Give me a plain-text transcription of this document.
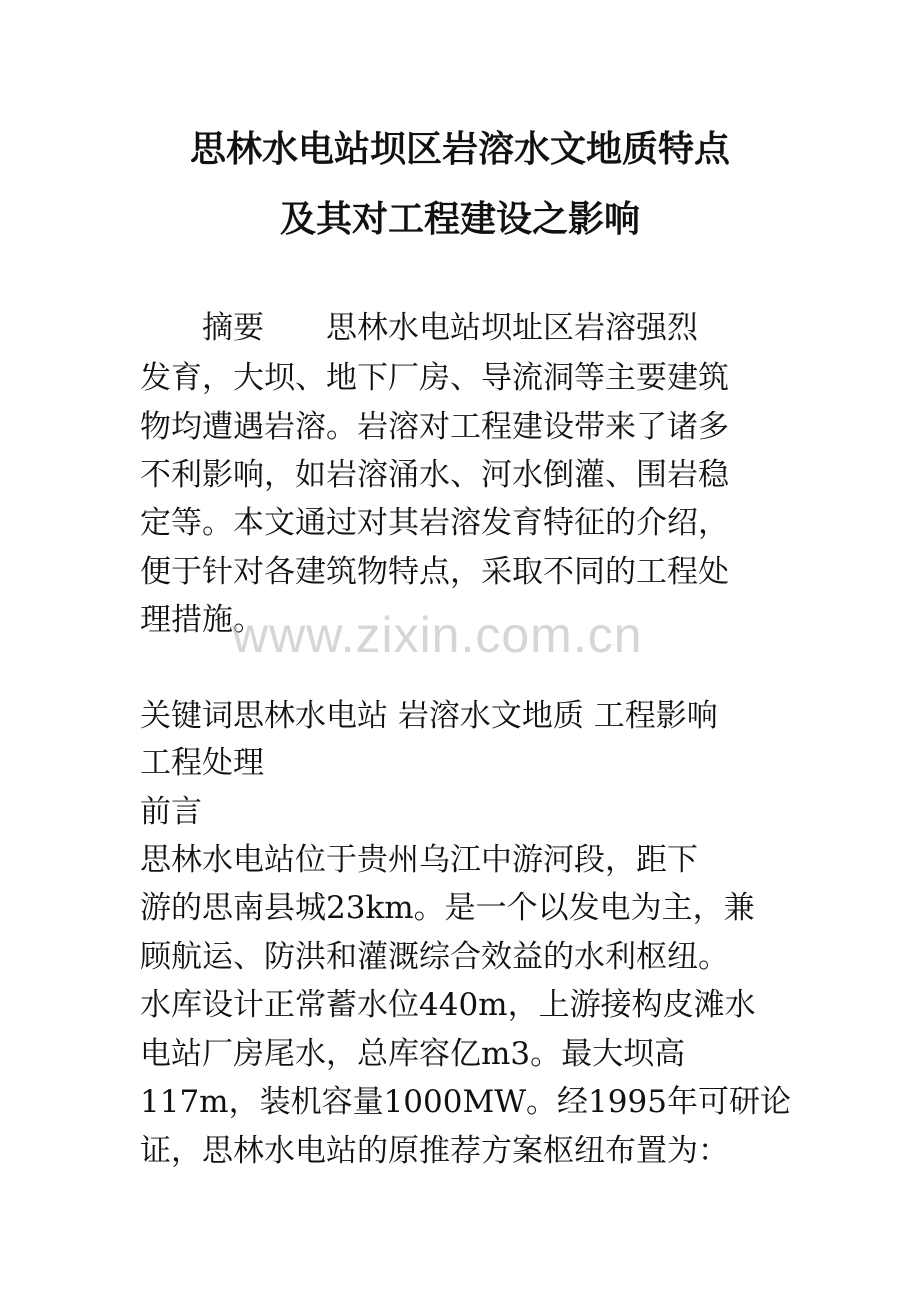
思林水电站坝区岩溶水文地质特点
及其对工程建设之影响

　　摘要　　思林水电站坝址区岩溶强烈

发育，大坝、地下厂房、导流洞等主要建筑

物均遭遇岩溶。岩溶对工程建设带来了诸多

不利影响，如岩溶涌水、河水倒灌、围岩稳

定等。本文通过对其岩溶发育特征的介绍，

便于针对各建筑物特点，采取不同的工程处

理措施。

www.zixin.com.cn

关键词思林水电站 岩溶水文地质 工程影响

工程处理

前言

思林水电站位于贵州乌江中游河段，距下

游的思南县城23km。是一个以发电为主，兼

顾航运、防洪和灌溉综合效益的水利枢纽。

水库设计正常蓄水位440m，上游接构皮滩水

电站厂房尾水，总库容亿m3。最大坝高

117m，装机容量1000MW。经1995年可研论

证，思林水电站的原推荐方案枢纽布置为：
